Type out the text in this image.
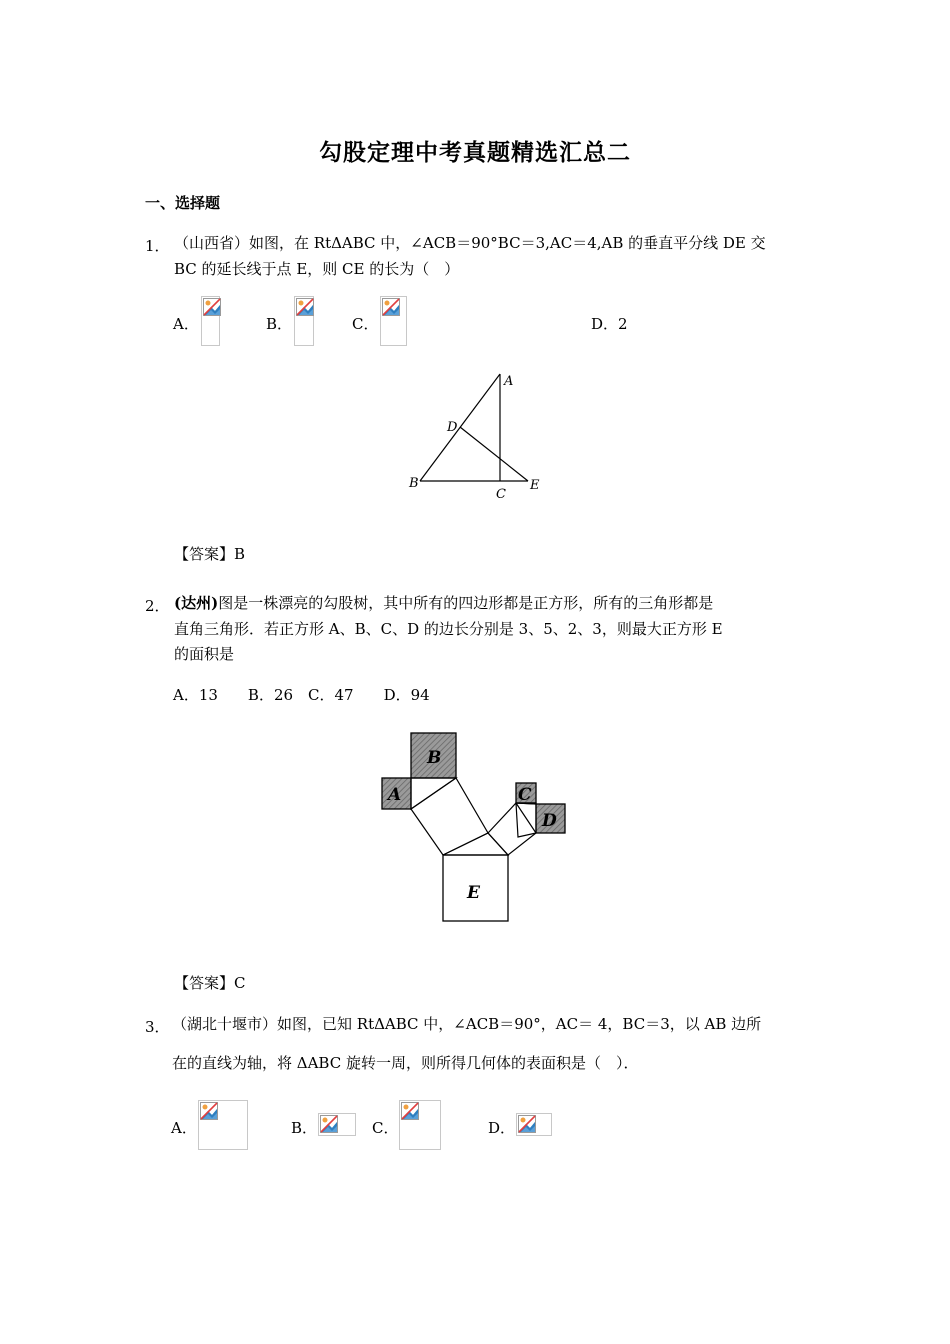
勾股定理中考真题精选汇总二
一、选择题
1． （山西省）如图，在 RtΔABC 中，∠ACB＝90°BC＝3,AC＝4,AB 的垂直平分线 DE 交
BC 的延长线于点 E，则 CE 的长为（　）
A．	B．	C．	D．2
A
D
B
C
E
【答案】B
2． (达州)图是一株漂亮的勾股树，其中所有的四边形都是正方形，所有的三角形都是
直角三角形．若正方形 A、B、C、D 的边长分别是 3、5、2、3，则最大正方形 E
的面积是
A．13　　B．26　C．47　　D．94
B
A	C
D
E
【答案】C
3． （湖北十堰市）如图，已知 RtΔABC 中，∠ACB＝90°，AC＝ 4，BC＝3，以 AB 边所
在的直线为轴，将 ΔABC 旋转一周，则所得几何体的表面积是（　）．
A．	B．	C．	D．
